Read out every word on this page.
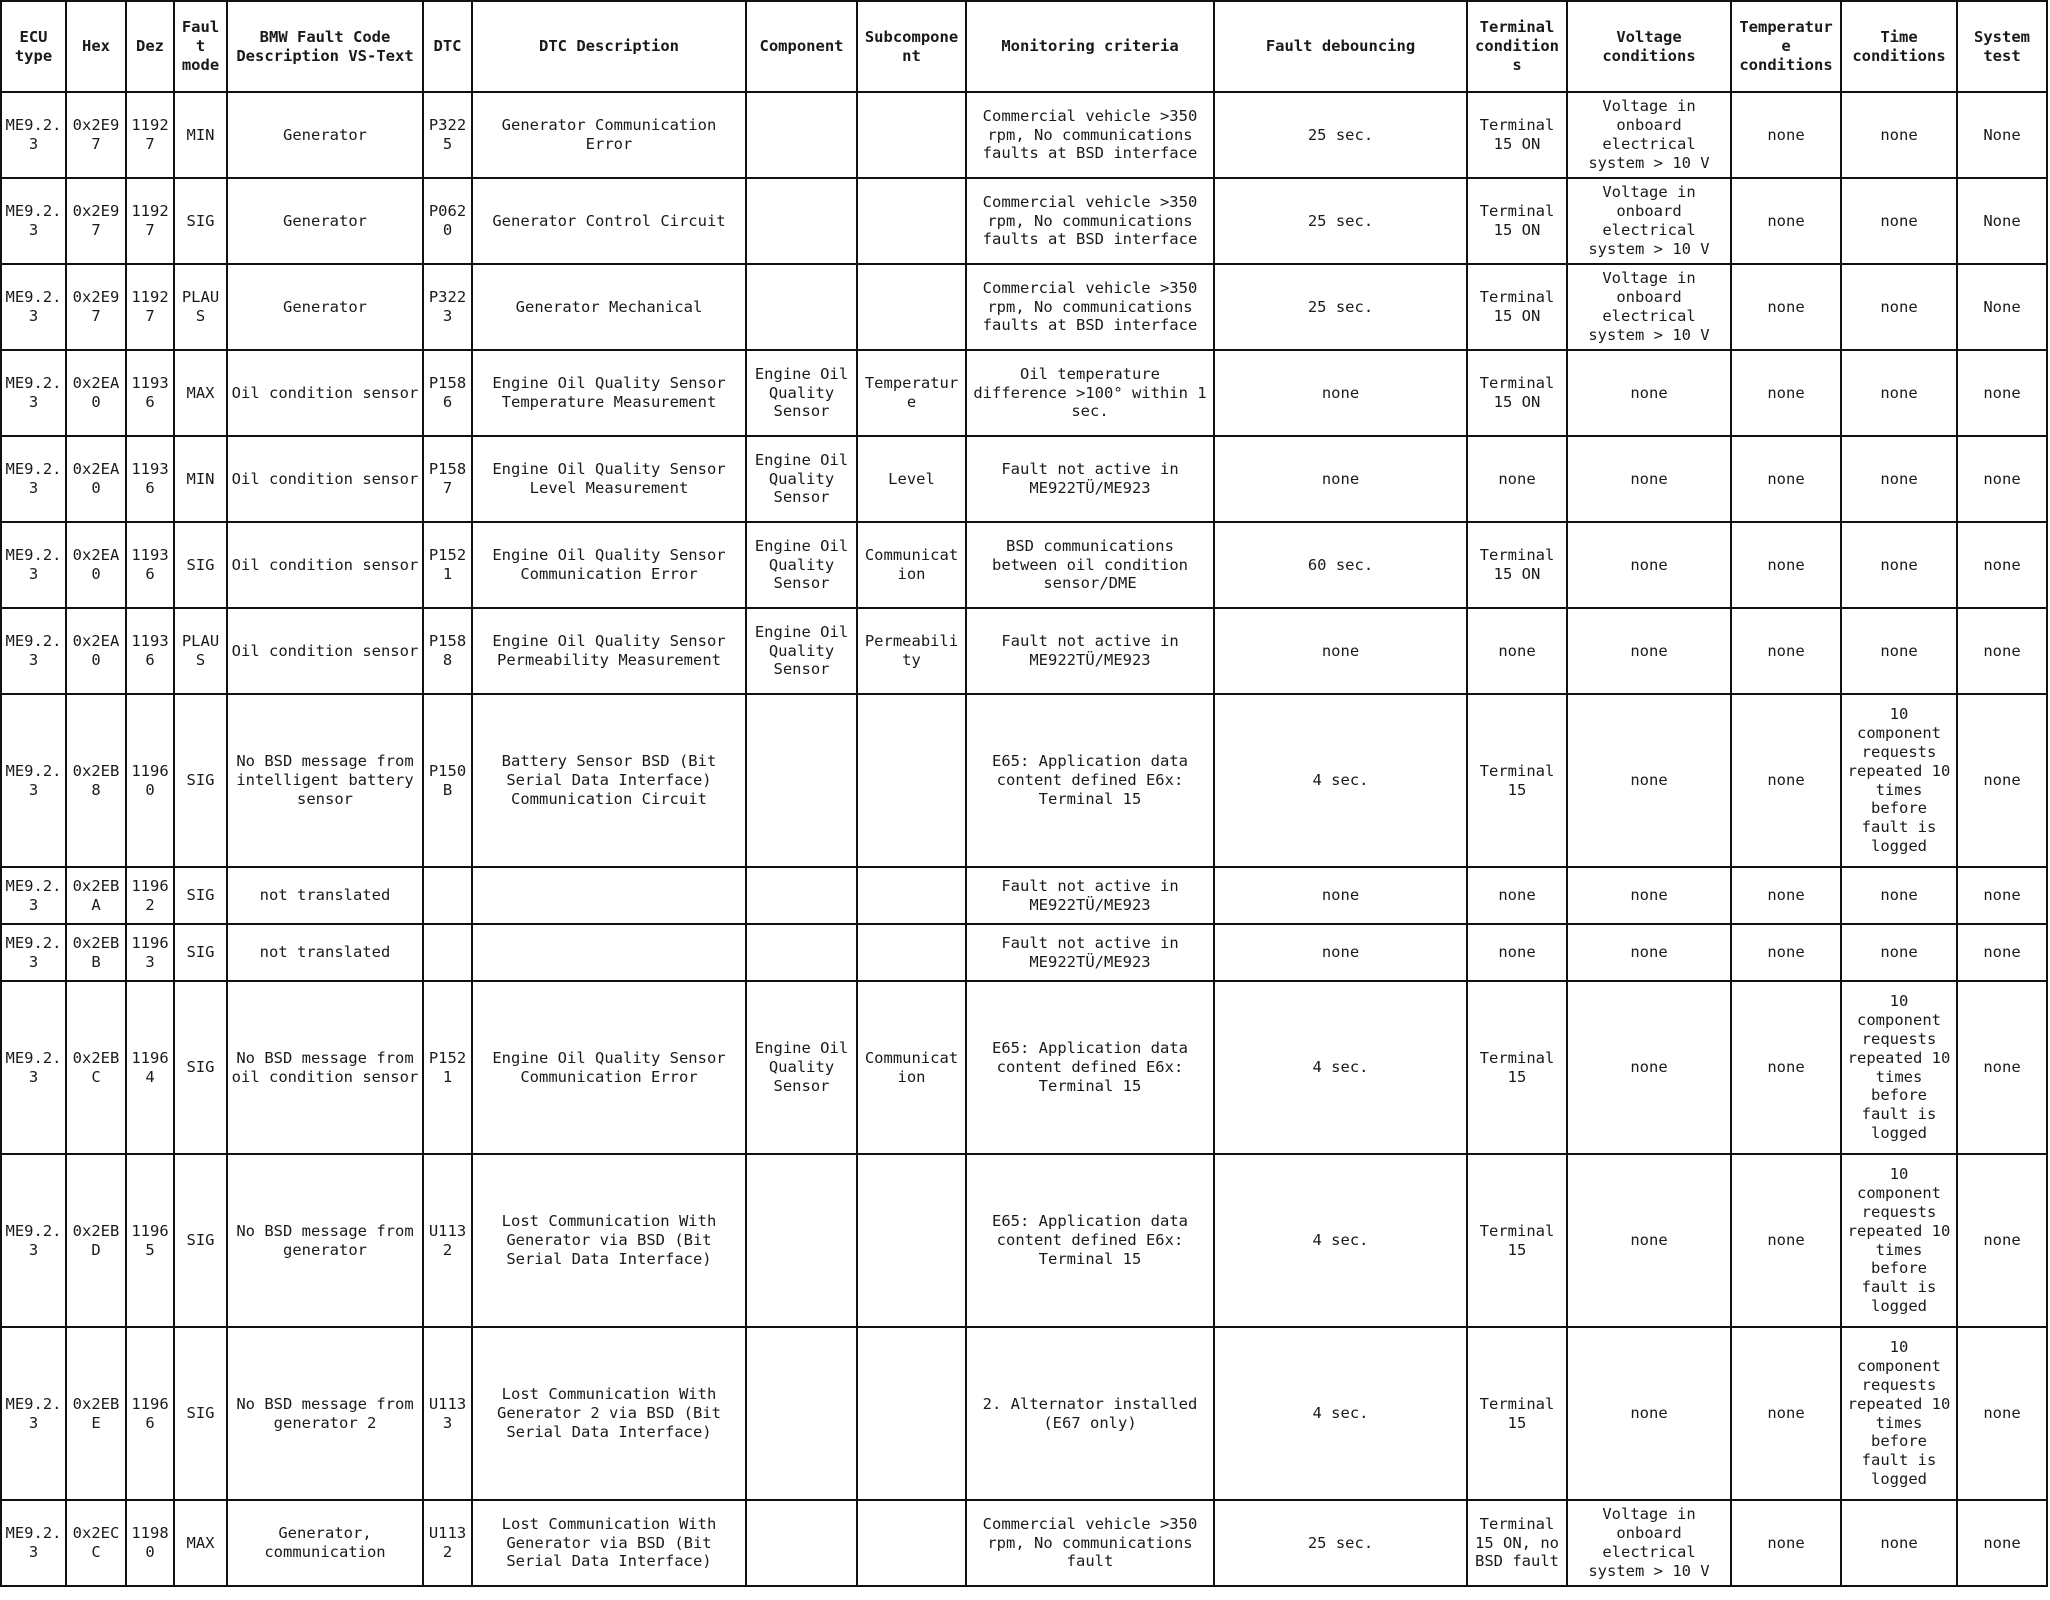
ECU type	Hex	Dez	Fault mode	BMW Fault Code Description VS-Text	DTC	DTC Description	Component	Subcomponent	Monitoring criteria	Fault debouncing	Terminal conditions	Voltage conditions	Temperature conditions	Time conditions	System test
ME9.2.3	0x2E97	11927	MIN	Generator	P3225	Generator Communication Error			Commercial vehicle >350 rpm, No communications faults at BSD interface	25 sec.	Terminal 15 ON	Voltage in onboard electrical system > 10 V	none	none	None
ME9.2.3	0x2E97	11927	SIG	Generator	P0620	Generator Control Circuit			Commercial vehicle >350 rpm, No communications faults at BSD interface	25 sec.	Terminal 15 ON	Voltage in onboard electrical system > 10 V	none	none	None
ME9.2.3	0x2E97	11927	PLAUS	Generator	P3223	Generator Mechanical			Commercial vehicle >350 rpm, No communications faults at BSD interface	25 sec.	Terminal 15 ON	Voltage in onboard electrical system > 10 V	none	none	None
ME9.2.3	0x2EA0	11936	MAX	Oil condition sensor	P1586	Engine Oil Quality Sensor Temperature Measurement	Engine Oil Quality Sensor	Temperature	Oil temperature difference >100° within 1 sec.	none	Terminal 15 ON	none	none	none	none
ME9.2.3	0x2EA0	11936	MIN	Oil condition sensor	P1587	Engine Oil Quality Sensor Level Measurement	Engine Oil Quality Sensor	Level	Fault not active in ME922TÜ/ME923	none	none	none	none	none	none
ME9.2.3	0x2EA0	11936	SIG	Oil condition sensor	P1521	Engine Oil Quality Sensor Communication Error	Engine Oil Quality Sensor	Communication	BSD communications between oil condition sensor/DME	60 sec.	Terminal 15 ON	none	none	none	none
ME9.2.3	0x2EA0	11936	PLAUS	Oil condition sensor	P1588	Engine Oil Quality Sensor Permeability Measurement	Engine Oil Quality Sensor	Permeability	Fault not active in ME922TÜ/ME923	none	none	none	none	none	none
ME9.2.3	0x2EB8	11960	SIG	No BSD message from intelligent battery sensor	P150B	Battery Sensor BSD (Bit Serial Data Interface) Communication Circuit			E65: Application data content defined E6x: Terminal 15	4 sec.	Terminal 15	none	none	10 component requests repeated 10 times before fault is logged	none
ME9.2.3	0x2EBA	11962	SIG	not translated					Fault not active in ME922TÜ/ME923	none	none	none	none	none	none
ME9.2.3	0x2EBB	11963	SIG	not translated					Fault not active in ME922TÜ/ME923	none	none	none	none	none	none
ME9.2.3	0x2EBC	11964	SIG	No BSD message from oil condition sensor	P1521	Engine Oil Quality Sensor Communication Error	Engine Oil Quality Sensor	Communication	E65: Application data content defined E6x: Terminal 15	4 sec.	Terminal 15	none	none	10 component requests repeated 10 times before fault is logged	none
ME9.2.3	0x2EBD	11965	SIG	No BSD message from generator	U1132	Lost Communication With Generator via BSD (Bit Serial Data Interface)			E65: Application data content defined E6x: Terminal 15	4 sec.	Terminal 15	none	none	10 component requests repeated 10 times before fault is logged	none
ME9.2.3	0x2EBE	11966	SIG	No BSD message from generator 2	U1133	Lost Communication With Generator 2 via BSD (Bit Serial Data Interface)			2. Alternator installed (E67 only)	4 sec.	Terminal 15	none	none	10 component requests repeated 10 times before fault is logged	none
ME9.2.3	0x2ECC	11980	MAX	Generator, communication	U1132	Lost Communication With Generator via BSD (Bit Serial Data Interface)			Commercial vehicle >350 rpm, No communications fault	25 sec.	Terminal 15 ON, no BSD fault	Voltage in onboard electrical system > 10 V	none	none	none
